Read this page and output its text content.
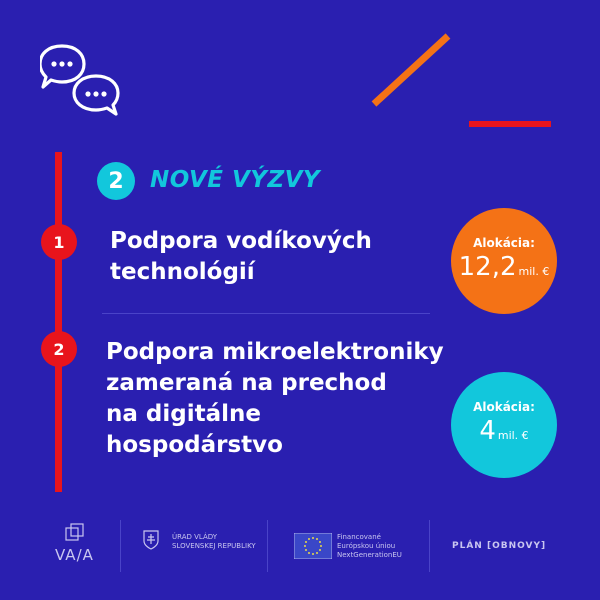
2	NOVÉ VÝZVY
1	Podpora vodíkových
technológií
2	Podpora mikroelektroniky
zameraná na prechod
na digitálne
hospodárstvo
Alokácia:
12,2 mil. €
Alokácia:
4 mil. €
VA/A
ÚRAD VLÁDY
SLOVENSKEJ REPUBLIKY
Financované
Európskou úniou
NextGenerationEU
PLÁN [OBNOVY]
